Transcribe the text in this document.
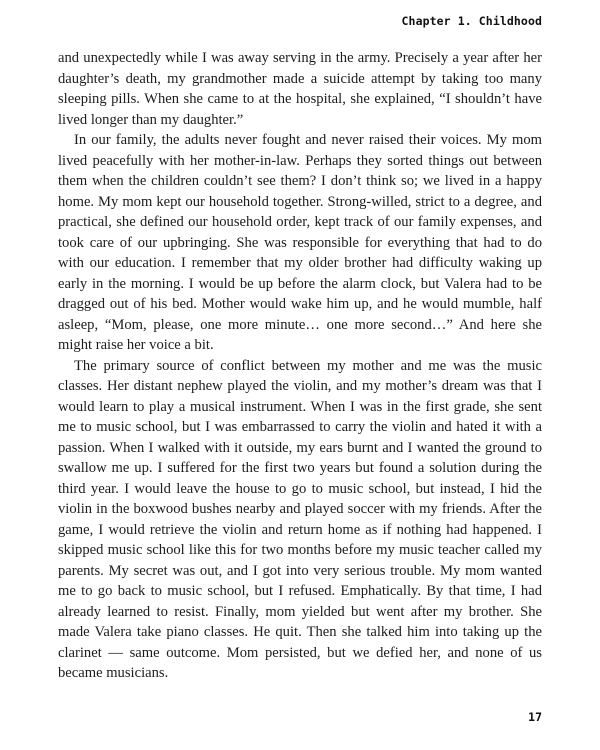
Chapter 1. Childhood

and unexpectedly while I was away serving in the army. Precisely a year after her daughter’s death, my grandmother made a suicide attempt by taking too many sleeping pills. When she came to at the hospital, she explained, “I shouldn’t have lived longer than my daughter.”

In our family, the adults never fought and never raised their voices. My mom lived peacefully with her mother-in-law. Perhaps they sorted things out between them when the children couldn’t see them? I don’t think so; we lived in a happy home. My mom kept our household together. Strong-willed, strict to a degree, and practical, she defined our household order, kept track of our family expenses, and took care of our upbringing. She was responsible for everything that had to do with our education. I remember that my older brother had difficulty waking up early in the morning. I would be up before the alarm clock, but Valera had to be dragged out of his bed. Mother would wake him up, and he would mumble, half asleep, “Mom, please, one more minute… one more second…” And here she might raise her voice a bit.

The primary source of conflict between my mother and me was the music classes. Her distant nephew played the violin, and my mother’s dream was that I would learn to play a musical instrument. When I was in the first grade, she sent me to music school, but I was embarrassed to carry the violin and hated it with a passion. When I walked with it outside, my ears burnt and I wanted the ground to swallow me up. I suffered for the first two years but found a solution during the third year. I would leave the house to go to music school, but instead, I hid the violin in the boxwood bushes nearby and played soccer with my friends. After the game, I would retrieve the violin and return home as if nothing had happened. I skipped music school like this for two months before my music teacher called my parents. My secret was out, and I got into very serious trouble. My mom wanted me to go back to music school, but I refused. Emphatically. By that time, I had already learned to resist. Finally, mom yielded but went after my brother. She made Valera take piano classes. He quit. Then she talked him into taking up the clarinet — same outcome. Mom persisted, but we defied her, and none of us became musicians.

17
